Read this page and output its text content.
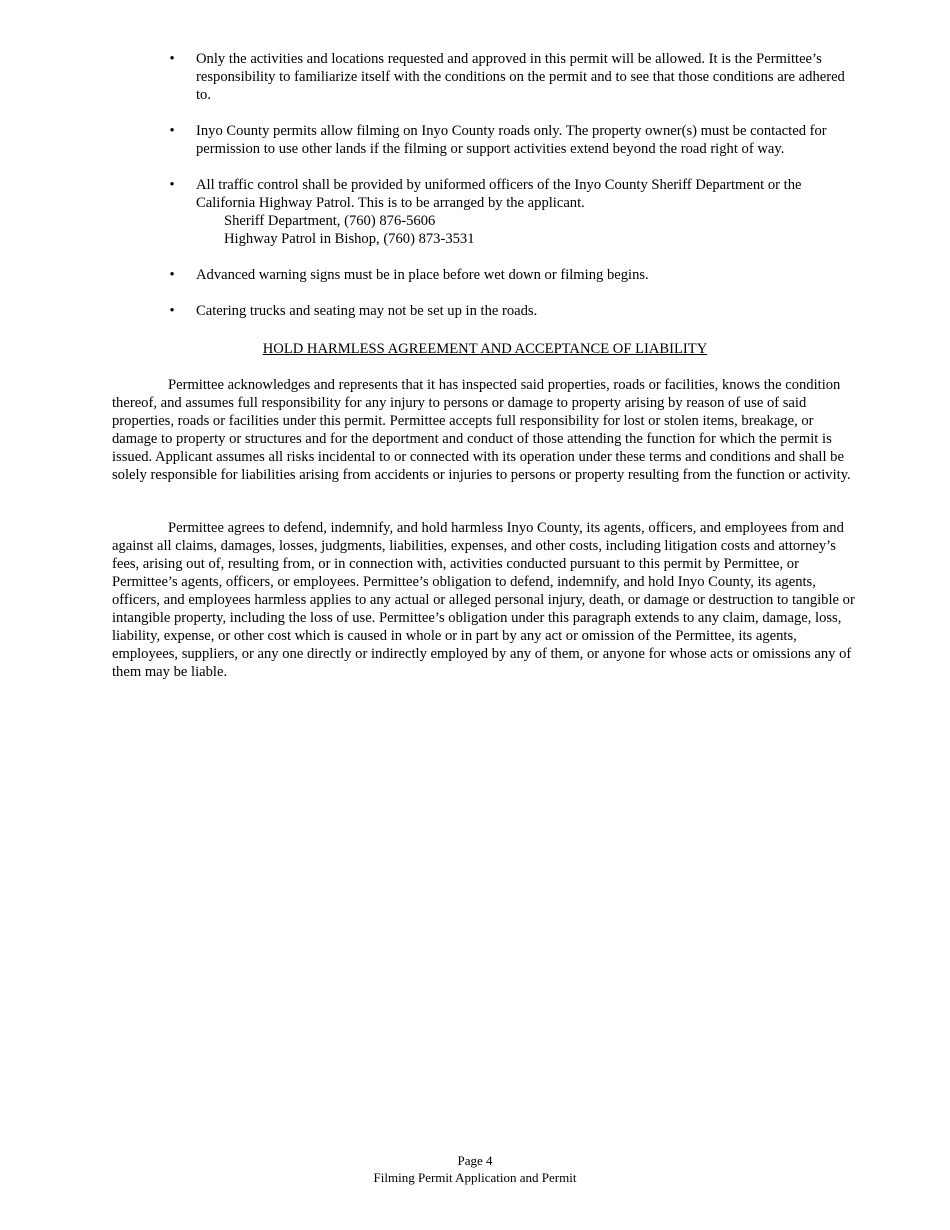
• Only the activities and locations requested and approved in this permit will be allowed. It is the Permittee’s responsibility to familiarize itself with the conditions on the permit and to see that those conditions are adhered to.
• Inyo County permits allow filming on Inyo County roads only. The property owner(s) must be contacted for permission to use other lands if the filming or support activities extend beyond the road right of way.
• All traffic control shall be provided by uniformed officers of the Inyo County Sheriff Department or the California Highway Patrol. This is to be arranged by the applicant.
Sheriff Department, (760) 876-5606
Highway Patrol in Bishop, (760) 873-3531
• Advanced warning signs must be in place before wet down or filming begins.
• Catering trucks and seating may not be set up in the roads.
HOLD HARMLESS AGREEMENT AND ACCEPTANCE OF LIABILITY

Permittee acknowledges and represents that it has inspected said properties, roads or facilities, knows the condition thereof, and assumes full responsibility for any injury to persons or damage to property arising by reason of use of said properties, roads or facilities under this permit. Permittee accepts full responsibility for lost or stolen items, breakage, or damage to property or structures and for the deportment and conduct of those attending the function for which the permit is issued. Applicant assumes all risks incidental to or connected with its operation under these terms and conditions and shall be solely responsible for liabilities arising from accidents or injuries to persons or property resulting from the function or activity.

Permittee agrees to defend, indemnify, and hold harmless Inyo County, its agents, officers, and employees from and against all claims, damages, losses, judgments, liabilities, expenses, and other costs, including litigation costs and attorney’s fees, arising out of, resulting from, or in connection with, activities conducted pursuant to this permit by Permittee, or Permittee’s agents, officers, or employees. Permittee’s obligation to defend, indemnify, and hold Inyo County, its agents, officers, and employees harmless applies to any actual or alleged personal injury, death, or damage or destruction to tangible or intangible property, including the loss of use. Permittee’s obligation under this paragraph extends to any claim, damage, loss, liability, expense, or other cost which is caused in whole or in part by any act or omission of the Permittee, its agents, employees, suppliers, or any one directly or indirectly employed by any of them, or anyone for whose acts or omissions any of them may be liable.

Page 4
Filming Permit Application and Permit
